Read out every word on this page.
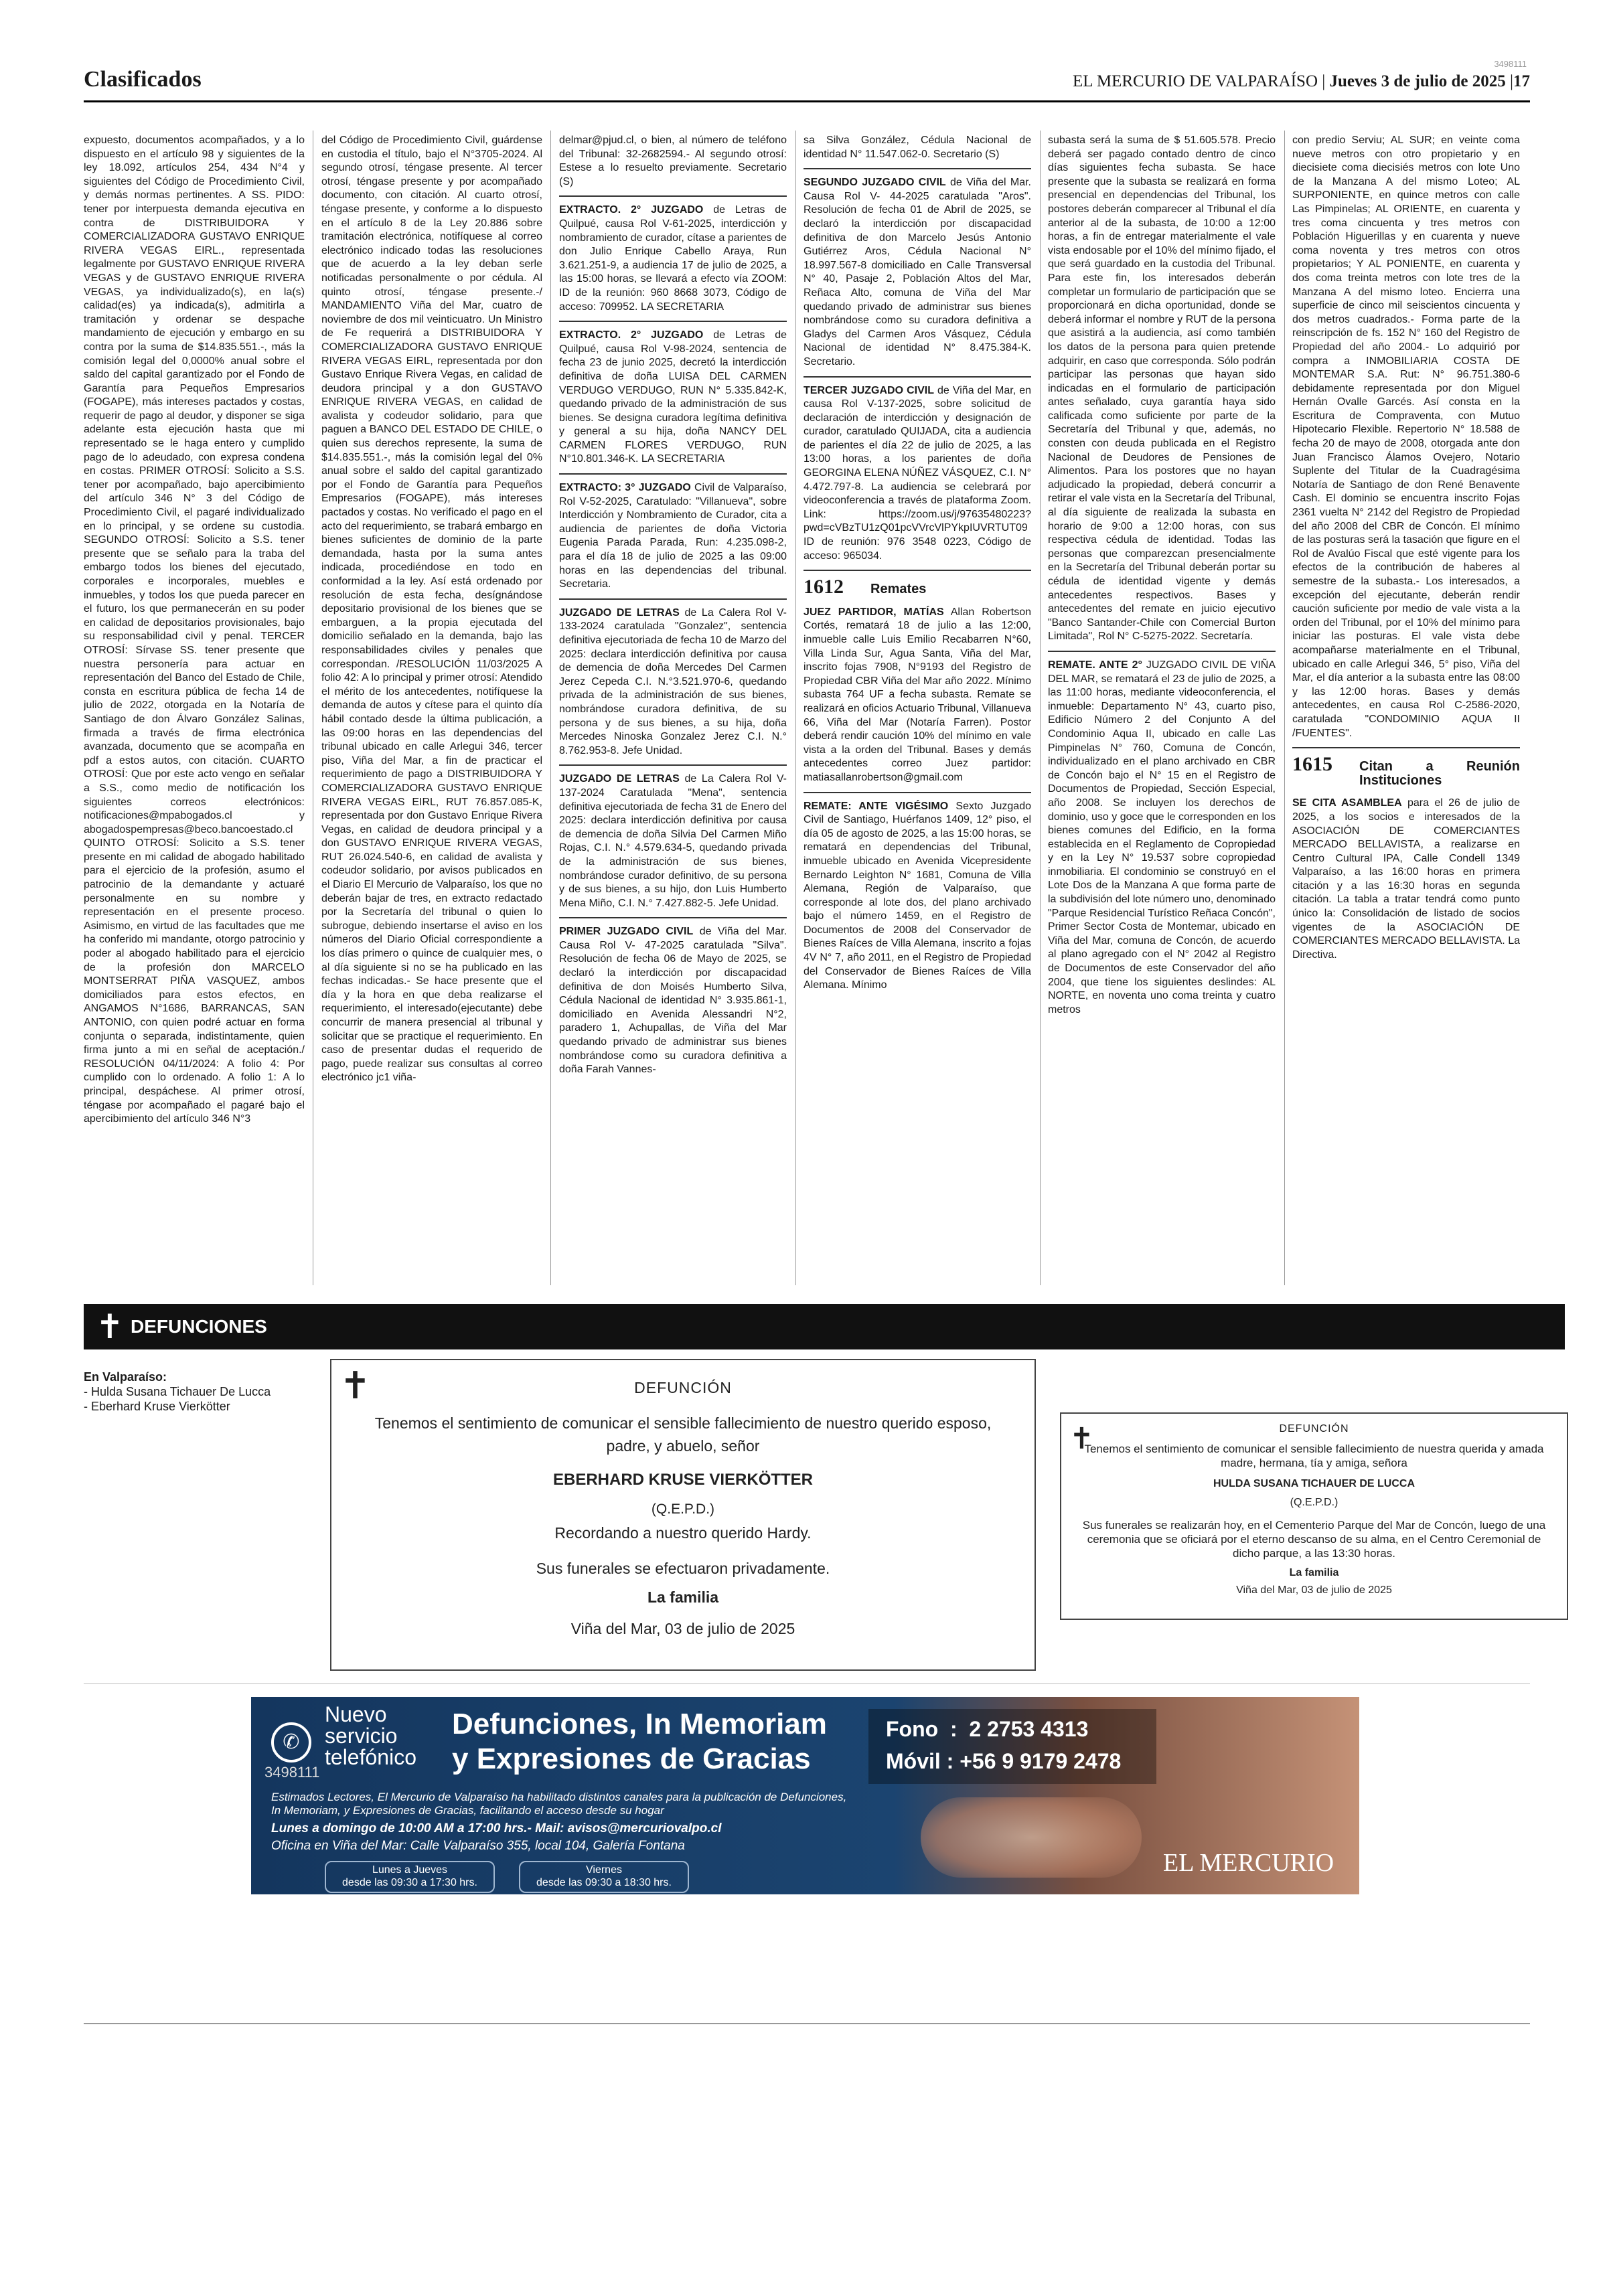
Clasificados
3498111
EL MERCURIO DE VALPARAÍSO | Jueves 3 de julio de 2025 |17

expuesto, documentos acompañados, y a lo dispuesto en el artículo 98 y siguientes de la ley 18.092, artículos 254, 434 N°4 y siguientes del Código de Procedimiento Civil, y demás normas pertinentes. A SS. PIDO: tener por interpuesta demanda ejecutiva en contra de DISTRIBUIDORA Y COMERCIALIZADORA GUSTAVO ENRIQUE RIVERA VEGAS EIRL., representada legalmente por GUSTAVO ENRIQUE RIVERA VEGAS y de GUSTAVO ENRIQUE RIVERA VEGAS, ya individualizado(s), en la(s) calidad(es) ya indicada(s), admitirla a tramitación y ordenar se despache mandamiento de ejecución y embargo en su contra por la suma de $14.835.551.-, más la comisión legal del 0,0000% anual sobre el saldo del capital garantizado por el Fondo de Garantía para Pequeños Empresarios (FOGAPE), más intereses pactados y costas, requerir de pago al deudor, y disponer se siga adelante esta ejecución hasta que mi representado se le haga entero y cumplido pago de lo adeudado, con expresa condena en costas. PRIMER OTROSÍ: Solicito a S.S. tener por acompañado, bajo apercibimiento del artículo 346 N° 3 del Código de Procedimiento Civil, el pagaré individualizado en lo principal, y se ordene su custodia. SEGUNDO OTROSÍ: Solicito a S.S. tener presente que se señalo para la traba del embargo todos los bienes del ejecutado, corporales e incorporales, muebles e inmuebles, y todos los que pueda parecer en el futuro, los que permanecerán en su poder en calidad de depositarios provisionales, bajo su responsabilidad civil y penal. TERCER OTROSÍ: Sírvase SS. tener presente que nuestra personería para actuar en representación del Banco del Estado de Chile, consta en escritura pública de fecha 14 de julio de 2022, otorgada en la Notaría de Santiago de don Álvaro González Salinas, firmada a través de firma electrónica avanzada, documento que se acompaña en pdf a estos autos, con citación. CUARTO OTROSÍ: Que por este acto vengo en señalar a S.S., como medio de notificación los siguientes correos electrónicos: notificaciones@mpabogados.cl y abogadospempresas@beco.bancoestado.cl QUINTO OTROSÍ: Solicito a S.S. tener presente en mi calidad de abogado habilitado para el ejercicio de la profesión, asumo el patrocinio de la demandante y actuaré personalmente en su nombre y representación en el presente proceso. Asimismo, en virtud de las facultades que me ha conferido mi mandante, otorgo patrocinio y poder al abogado habilitado para el ejercicio de la profesión don MARCELO MONTSERRAT PIÑA VASQUEZ, ambos domiciliados para estos efectos, en ANGAMOS N°1686, BARRANCAS, SAN ANTONIO, con quien podré actuar en forma conjunta o separada, indistintamente, quien firma junto a mi en señal de aceptación./ RESOLUCIÓN 04/11/2024: A folio 4: Por cumplido con lo ordenado. A folio 1: A lo principal, despáchese. Al primer otrosí, téngase por acompañado el pagaré bajo el apercibimiento del artículo 346 N°3

del Código de Procedimiento Civil, guárdense en custodia el título, bajo el N°3705-2024. Al segundo otrosí, téngase presente. Al tercer otrosí, téngase presente y por acompañado documento, con citación. Al cuarto otrosí, téngase presente, y conforme a lo dispuesto en el artículo 8 de la Ley 20.886 sobre tramitación electrónica, notifíquese al correo electrónico indicado todas las resoluciones que de acuerdo a la ley deban serle notificadas personalmente o por cédula. Al quinto otrosí, téngase presente.-/ MANDAMIENTO Viña del Mar, cuatro de noviembre de dos mil veinticuatro. Un Ministro de Fe requerirá a DISTRIBUIDORA Y COMERCIALIZADORA GUSTAVO ENRIQUE RIVERA VEGAS EIRL, representada por don Gustavo Enrique Rivera Vegas, en calidad de deudora principal y a don GUSTAVO ENRIQUE RIVERA VEGAS, en calidad de avalista y codeudor solidario, para que paguen a BANCO DEL ESTADO DE CHILE, o quien sus derechos represente, la suma de $14.835.551.-, más la comisión legal del 0% anual sobre el saldo del capital garantizado por el Fondo de Garantía para Pequeños Empresarios (FOGAPE), más intereses pactados y costas. No verificado el pago en el acto del requerimiento, se trabará embargo en bienes suficientes de dominio de la parte demandada, hasta por la suma antes indicada, procediéndose en todo en conformidad a la ley. Así está ordenado por resolución de esta fecha, desígnándose depositario provisional de los bienes que se embarguen, a la propia ejecutada del domicilio señalado en la demanda, bajo las responsabilidades civiles y penales que correspondan. /RESOLUCIÓN 11/03/2025 A folio 42: A lo principal y primer otrosí: Atendido el mérito de los antecedentes, notifíquese la demanda de autos y cítese para el quinto día hábil contado desde la última publicación, a las 09:00 horas en las dependencias del tribunal ubicado en calle Arlegui 346, tercer piso, Viña del Mar, a fin de practicar el requerimiento de pago a DISTRIBUIDORA Y COMERCIALIZADORA GUSTAVO ENRIQUE RIVERA VEGAS EIRL, RUT 76.857.085-K, representada por don Gustavo Enrique Rivera Vegas, en calidad de deudora principal y a don GUSTAVO ENRIQUE RIVERA VEGAS, RUT 26.024.540-6, en calidad de avalista y codeudor solidario, por avisos publicados en el Diario El Mercurio de Valparaíso, los que no deberán bajar de tres, en extracto redactado por la Secretaría del tribunal o quien lo subrogue, debiendo insertarse el aviso en los números del Diario Oficial correspondiente a los días primero o quince de cualquier mes, o al día siguiente si no se ha publicado en las fechas indicadas.- Se hace presente que el día y la hora en que deba realizarse el requerimiento, el interesado(ejecutante) debe concurrir de manera presencial al tribunal y solicitar que se practique el requerimiento. En caso de presentar dudas el requerido de pago, puede realizar sus consultas al correo electrónico jc1 viña-

delmar@pjud.cl, o bien, al número de teléfono del Tribunal: 32-2682594.- Al segundo otrosí: Estese a lo resuelto previamente. Secretario (S)

EXTRACTO. 2° JUZGADO de Letras de Quilpué, causa Rol V-61-2025, interdicción y nombramiento de curador, cítase a parientes de don Julio Enrique Cabello Araya, Run 3.621.251-9, a audiencia 17 de julio de 2025, a las 15:00 horas, se llevará a efecto vía ZOOM: ID de la reunión: 960 8668 3073, Código de acceso: 709952. LA SECRETARIA

EXTRACTO. 2° JUZGADO de Letras de Quilpué, causa Rol V-98-2024, sentencia de fecha 23 de junio 2025, decretó la interdicción definitiva de doña LUISA DEL CARMEN VERDUGO VERDUGO, RUN N° 5.335.842-K, quedando privado de la administración de sus bienes. Se designa curadora legítima definitiva y general a su hija, doña NANCY DEL CARMEN FLORES VERDUGO, RUN N°10.801.346-K. LA SECRETARIA

EXTRACTO: 3° JUZGADO Civil de Valparaíso, Rol V-52-2025, Caratulado: "Villanueva", sobre Interdicción y Nombramiento de Curador, cita a audiencia de parientes de doña Victoria Eugenia Parada Parada, Run: 4.235.098-2, para el día 18 de julio de 2025 a las 09:00 horas en las dependencias del tribunal. Secretaria.

JUZGADO DE LETRAS de La Calera Rol V-133-2024 caratulada "Gonzalez", sentencia definitiva ejecutoriada de fecha 10 de Marzo del 2025: declara interdicción definitiva por causa de demencia de doña Mercedes Del Carmen Jerez Cepeda C.I. N.°3.521.970-6, quedando privada de la administración de sus bienes, nombrándose curadora definitiva, de su persona y de sus bienes, a su hija, doña Mercedes Ninoska Gonzalez Jerez C.I. N.° 8.762.953-8. Jefe Unidad.

JUZGADO DE LETRAS de La Calera Rol V-137-2024 Caratulada "Mena", sentencia definitiva ejecutoriada de fecha 31 de Enero del 2025: declara interdicción definitiva por causa de demencia de doña Silvia Del Carmen Miño Rojas, C.I. N.° 4.579.634-5, quedando privada de la administración de sus bienes, nombrándose curador definitivo, de su persona y de sus bienes, a su hijo, don Luis Humberto Mena Miño, C.I. N.° 7.427.882-5. Jefe Unidad.

PRIMER JUZGADO CIVIL de Viña del Mar. Causa Rol V- 47-2025 caratulada "Silva". Resolución de fecha 06 de Mayo de 2025, se declaró la interdicción por discapacidad definitiva de don Moisés Humberto Silva, Cédula Nacional de identidad N° 3.935.861-1, domiciliado en Avenida Alessandri N°2, paradero 1, Achupallas, de Viña del Mar quedando privado de administrar sus bienes nombrándose como su curadora definitiva a doña Farah Vannes-

sa Silva González, Cédula Nacional de identidad N° 11.547.062-0. Secretario (S)

SEGUNDO JUZGADO CIVIL de Viña del Mar. Causa Rol V- 44-2025 caratulada "Aros". Resolución de fecha 01 de Abril de 2025, se declaró la interdicción por discapacidad definitiva de don Marcelo Jesús Antonio Gutiérrez Aros, Cédula Nacional N° 18.997.567-8 domiciliado en Calle Transversal N° 40, Pasaje 2, Población Altos del Mar, Reñaca Alto, comuna de Viña del Mar quedando privado de administrar sus bienes nombrándose como su curadora definitiva a Gladys del Carmen Aros Vásquez, Cédula Nacional de identidad N° 8.475.384-K. Secretario.

TERCER JUZGADO CIVIL de Viña del Mar, en causa Rol V-137-2025, sobre solicitud de declaración de interdicción y designación de curador, caratulado QUIJADA, cita a audiencia de parientes el día 22 de julio de 2025, a las 13:00 horas, a los parientes de doña GEORGINA ELENA NÚÑEZ VÁSQUEZ, C.I. N° 4.472.797-8. La audiencia se celebrará por videoconferencia a través de plataforma Zoom. Link: https://zoom.us/j/97635480223?pwd=cVBzTU1zQ01pcVVrcVlPYkpIUVRTUT09 ID de reunión: 976 3548 0223, Código de acceso: 965034.

1612 Remates

JUEZ PARTIDOR, MATÍAS Allan Robertson Cortés, rematará 18 de julio a las 12:00, inmueble calle Luis Emilio Recabarren N°60, Villa Linda Sur, Agua Santa, Viña del Mar, inscrito fojas 7908, N°9193 del Registro de Propiedad CBR Viña del Mar año 2022. Mínimo subasta 764 UF a fecha subasta. Remate se realizará en oficios Actuario Tribunal, Villanueva 66, Viña del Mar (Notaría Farren). Postor deberá rendir caución 10% del mínimo en vale vista a la orden del Tribunal. Bases y demás antecedentes correo Juez partidor: matiasallanrobertson@gmail.com

REMATE: ANTE VIGÉSIMO Sexto Juzgado Civil de Santiago, Huérfanos 1409, 12° piso, el día 05 de agosto de 2025, a las 15:00 horas, se rematará en dependencias del Tribunal, inmueble ubicado en Avenida Vicepresidente Bernardo Leighton N° 1681, Comuna de Villa Alemana, Región de Valparaíso, que corresponde al lote dos, del plano archivado bajo el número 1459, en el Registro de Documentos de 2008 del Conservador de Bienes Raíces de Villa Alemana, inscrito a fojas 4V N° 7, año 2011, en el Registro de Propiedad del Conservador de Bienes Raíces de Villa Alemana. Mínimo

subasta será la suma de $ 51.605.578. Precio deberá ser pagado contado dentro de cinco días siguientes fecha subasta. Se hace presente que la subasta se realizará en forma presencial en dependencias del Tribunal, los postores deberán comparecer al Tribunal el día anterior al de la subasta, de 10:00 a 12:00 horas, a fin de entregar materialmente el vale vista endosable por el 10% del mínimo fijado, el que será guardado en la custodia del Tribunal. Para este fin, los interesados deberán completar un formulario de participación que se proporcionará en dicha oportunidad, donde se deberá informar el nombre y RUT de la persona que asistirá a la audiencia, así como también los datos de la persona para quien pretende adquirir, en caso que corresponda. Sólo podrán participar las personas que hayan sido indicadas en el formulario de participación antes señalado, cuya garantía haya sido calificada como suficiente por parte de la Secretaría del Tribunal y que, además, no consten con deuda publicada en el Registro Nacional de Deudores de Pensiones de Alimentos. Para los postores que no hayan adjudicado la propiedad, deberá concurrir a retirar el vale vista en la Secretaría del Tribunal, al día siguiente de realizada la subasta en horario de 9:00 a 12:00 horas, con sus respectiva cédula de identidad. Todas las personas que comparezcan presencialmente en la Secretaría del Tribunal deberán portar su cédula de identidad vigente y demás antecedentes respectivos. Bases y antecedentes del remate en juicio ejecutivo "Banco Santander-Chile con Comercial Burton Limitada", Rol N° C-5275-2022. Secretaría.

REMATE. ANTE 2° JUZGADO CIVIL DE VIÑA DEL MAR, se rematará el 23 de julio de 2025, a las 11:00 horas, mediante videoconferencia, el inmueble: Departamento N° 43, cuarto piso, Edificio Número 2 del Conjunto A del Condominio Aqua II, ubicado en calle Las Pimpinelas N° 760, Comuna de Concón, individualizado en el plano archivado en CBR de Concón bajo el N° 15 en el Registro de Documentos de Propiedad, Sección Especial, año 2008. Se incluyen los derechos de dominio, uso y goce que le corresponden en los bienes comunes del Edificio, en la forma establecida en el Reglamento de Copropiedad y en la Ley N° 19.537 sobre copropiedad inmobiliaria. El condominio se construyó en el Lote Dos de la Manzana A que forma parte de la subdivisión del lote número uno, denominado "Parque Residencial Turístico Reñaca Concón", Primer Sector Costa de Montemar, ubicado en Viña del Mar, comuna de Concón, de acuerdo al plano agregado con el N° 2042 al Registro de Documentos de este Conservador del año 2004, que tiene los siguientes deslindes: AL NORTE, en noventa uno coma treinta y cuatro metros

con predio Serviu; AL SUR; en veinte coma nueve metros con otro propietario y en diecisiete coma diecisiés metros con lote Uno de la Manzana A del mismo Loteo; AL SURPONIENTE, en quince metros con calle Las Pimpinelas; AL ORIENTE, en cuarenta y tres coma cincuenta y tres metros con Población Higuerillas y en cuarenta y nueve coma noventa y tres metros con otros propietarios; Y AL PONIENTE, en cuarenta y dos coma treinta metros con lote tres de la Manzana A del mismo loteo. Encierra una superficie de cinco mil seiscientos cincuenta y dos metros cuadrados.- Forma parte de la reinscripción de fs. 152 N° 160 del Registro de Propiedad del año 2004.- Lo adquirió por compra a INMOBILIARIA COSTA DE MONTEMAR S.A. Rut: N° 96.751.380-6 debidamente representada por don Miguel Hernán Ovalle Garcés. Así consta en la Escritura de Compraventa, con Mutuo Hipotecario Flexible. Repertorio N° 18.588 de fecha 20 de mayo de 2008, otorgada ante don Juan Francisco Álamos Ovejero, Notario Suplente del Titular de la Cuadragésima Notaría de Santiago de don René Benavente Cash. El dominio se encuentra inscrito Fojas 2361 vuelta N° 2142 del Registro de Propiedad del año 2008 del CBR de Concón. El mínimo de las posturas será la tasación que figure en el Rol de Avalúo Fiscal que esté vigente para los efectos de la contribución de haberes al semestre de la subasta.- Los interesados, a excepción del ejecutante, deberán rendir caución suficiente por medio de vale vista a la orden del Tribunal, por el 10% del mínimo para iniciar las posturas. El vale vista debe acompañarse materialmente en el Tribunal, ubicado en calle Arlegui 346, 5° piso, Viña del Mar, el día anterior a la subasta entre las 08:00 y las 12:00 horas. Bases y demás antecedentes, en causa Rol C-2586-2020, caratulada "CONDOMINIO AQUA II /FUENTES".

1615 Citan a Reunión Instituciones

SE CITA ASAMBLEA para el 26 de julio de 2025, a los socios e interesados de la ASOCIACIÓN DE COMERCIANTES MERCADO BELLAVISTA, a realizarse en Centro Cultural IPA, Calle Condell 1349 Valparaíso, a las 16:00 horas en primera citación y a las 16:30 horas en segunda citación. La tabla a tratar tendrá como punto único la: Consolidación de listado de socios vigentes de la ASOCIACIÓN DE COMERCIANTES MERCADO BELLAVISTA. La Directiva.

✝ DEFUNCIONES
En Valparaíso:
- Hulda Susana Tichauer De Lucca
- Eberhard Kruse Vierkötter	✝	DEFUNCIÓN
Tenemos el sentimiento de comunicar el sensible fallecimiento de nuestro querido esposo, padre, y abuelo, señor
EBERHARD KRUSE VIERKÖTTER
(Q.E.P.D.)
Recordando a nuestro querido Hardy.
Sus funerales se efectuaron privadamente.
La familia
Viña del Mar, 03 de julio de 2025
✝	DEFUNCIÓN
Tenemos el sentimiento de comunicar el sensible fallecimiento de nuestra querida y amada madre, hermana, tía y amiga, señora
HULDA SUSANA TICHAUER DE LUCCA
(Q.E.P.D.)
Sus funerales se realizarán hoy, en el Cementerio Parque del Mar de Concón, luego de una ceremonia que se oficiará por el eterno descanso de su alma, en el Centro Ceremonial de dicho parque, a las 13:30 horas.
La familia
Viña del Mar, 03 de julio de 2025
✆
Nuevo servicio telefónico
3498111
Defunciones, In Memoriam
y Expresiones de Gracias
Fono  :  2 2753 4313
Móvil : +56 9 9179 2478
Estimados Lectores, El Mercurio de Valparaíso ha habilitado distintos canales para la publicación de Defunciones, In Memoriam, y Expresiones de Gracias, facilitando el acceso desde su hogar
Lunes a domingo de 10:00 AM a 17:00 hrs.- Mail: avisos@mercuriovalpo.cl
Oficina en Viña del Mar: Calle Valparaíso 355, local 104, Galería Fontana
Lunes a Jueves
desde las 09:30 a 17:30 hrs.
Viernes
desde las 09:30 a 18:30 hrs.
EL MERCURIO
